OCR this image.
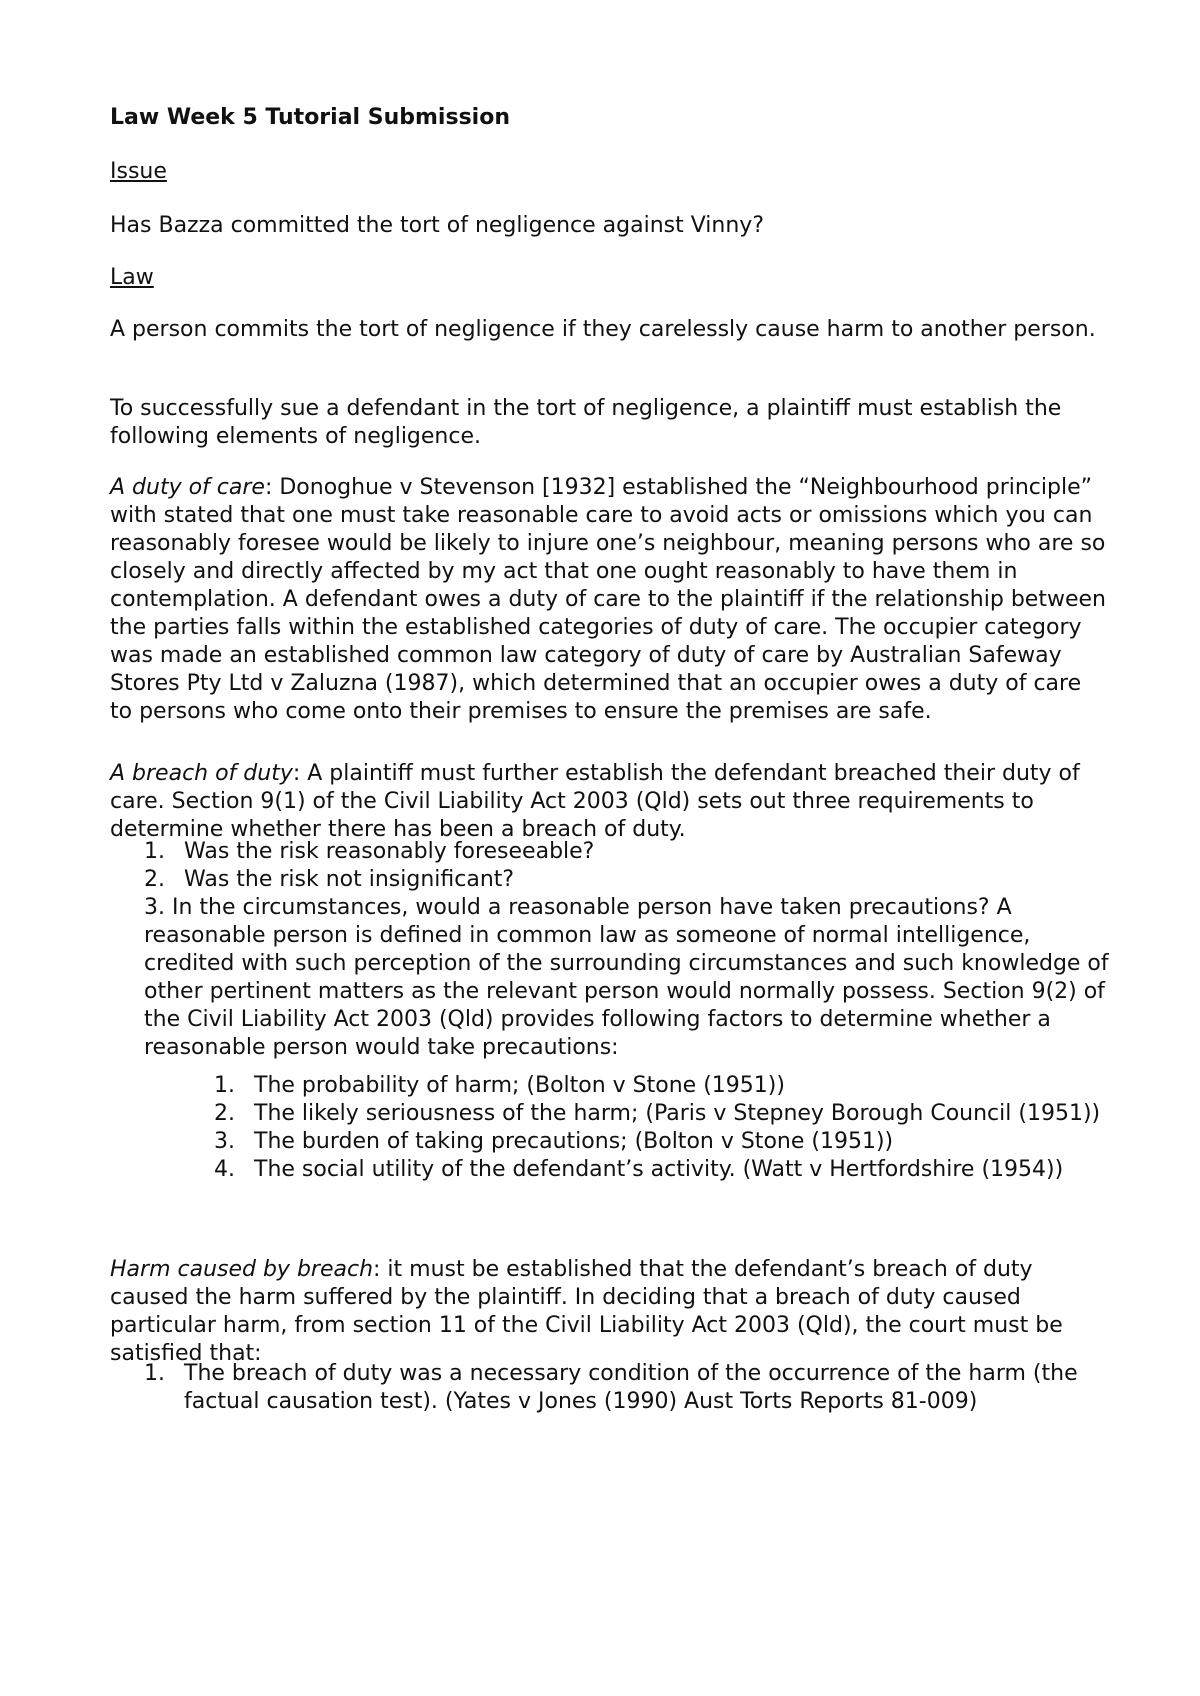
Law Week 5 Tutorial Submission

Issue

Has Bazza committed the tort of negligence against Vinny?

Law

A person commits the tort of negligence if they carelessly cause harm to another person.

To successfully sue a defendant in the tort of negligence, a plaintiff must establish the following elements of negligence.

A duty of care: Donoghue v Stevenson [1932] established the “Neighbourhood principle” with stated that one must take reasonable care to avoid acts or omissions which you can reasonably foresee would be likely to injure one’s neighbour, meaning persons who are so closely and directly affected by my act that one ought reasonably to have them in contemplation. A defendant owes a duty of care to the plaintiff if the relationship between the parties falls within the established categories of duty of care. The occupier category was made an established common law category of duty of care by Australian Safeway Stores Pty Ltd v Zaluzna (1987), which determined that an occupier owes a duty of care to persons who come onto their premises to ensure the premises are safe.

A breach of duty: A plaintiff must further establish the defendant breached their duty of care. Section 9(1) of the Civil Liability Act 2003 (Qld) sets out three requirements to determine whether there has been a breach of duty.

1. Was the risk reasonably foreseeable?
2. Was the risk not insignificant?
3. In the circumstances, would a reasonable person have taken precautions? A reasonable person is defined in common law as someone of normal intelligence, credited with such perception of the surrounding circumstances and such knowledge of other pertinent matters as the relevant person would normally possess. Section 9(2) of the Civil Liability Act 2003 (Qld) provides following factors to determine whether a reasonable person would take precautions:
1. The probability of harm; (Bolton v Stone (1951))
2. The likely seriousness of the harm; (Paris v Stepney Borough Council (1951))
3. The burden of taking precautions; (Bolton v Stone (1951))
4. The social utility of the defendant’s activity. (Watt v Hertfordshire (1954))

Harm caused by breach: it must be established that the defendant’s breach of duty caused the harm suffered by the plaintiff. In deciding that a breach of duty caused particular harm, from section 11 of the Civil Liability Act 2003 (Qld), the court must be satisfied that:

1. The breach of duty was a necessary condition of the occurrence of the harm (the factual causation test). (Yates v Jones (1990) Aust Torts Reports 81-009)
